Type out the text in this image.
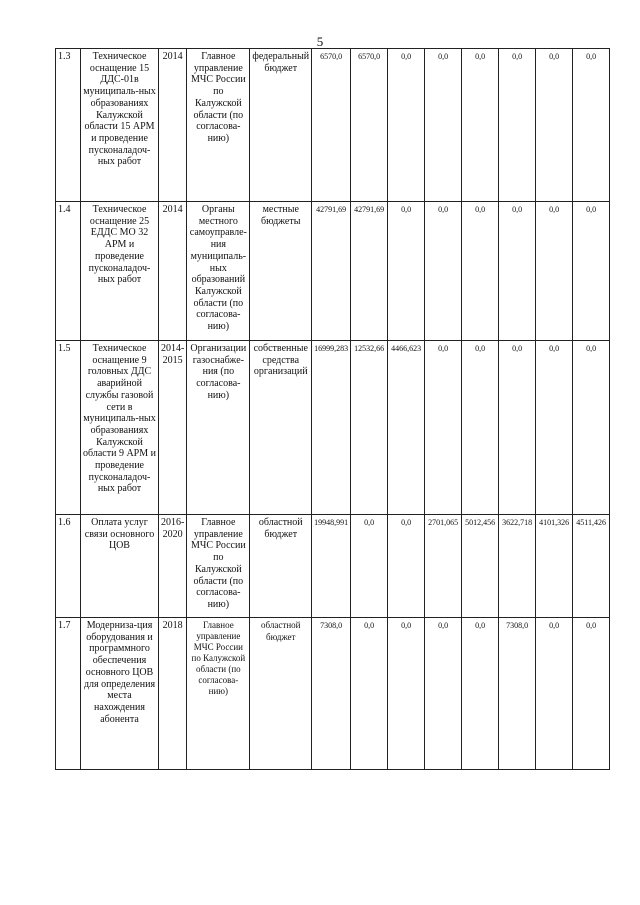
5
1.3	Техническое оснащение 15 ДДС-01в муниципаль-ных образованиях Калужской области 15 АРМ и проведение пусконаладоч-ных работ	2014	Главное управление МЧС России по Калужской области (по согласова-нию)	федеральный бюджет	6570,0	6570,0	0,0	0,0	0,0	0,0	0,0	0,0
1.4	Техническое оснащение 25 ЕДДС МО 32 АРМ и проведение пусконаладоч-ных работ	2014	Органы местного самоуправле-ния муниципаль-ных образований Калужской области (по согласова-нию)	местные бюджеты	42791,69	42791,69	0,0	0,0	0,0	0,0	0,0	0,0
1.5	Техническое оснащение 9 головных ДДС аварийной службы газовой сети в муниципаль-ных образованиях Калужской области 9 АРМ и проведение пусконаладоч-ных работ	2014-2015	Организации газоснабже-ния (по согласова-нию)	собственные средства организаций	16999,283	12532,66	4466,623	0,0	0,0	0,0	0,0	0,0
1.6	Оплата услуг связи основного ЦОВ	2016-2020	Главное управление МЧС России по Калужской области (по согласова-нию)	областной бюджет	19948,991	0,0	0,0	2701,065	5012,456	3622,718	4101,326	4511,426
1.7	Модерниза-ция оборудования и программного обеспечения основного ЦОВ для определения места нахождения абонента	2018	Главное управление МЧС России по Калужской области (по согласова-нию)	областной бюджет	7308,0	0,0	0,0	0,0	0,0	7308,0	0,0	0,0
